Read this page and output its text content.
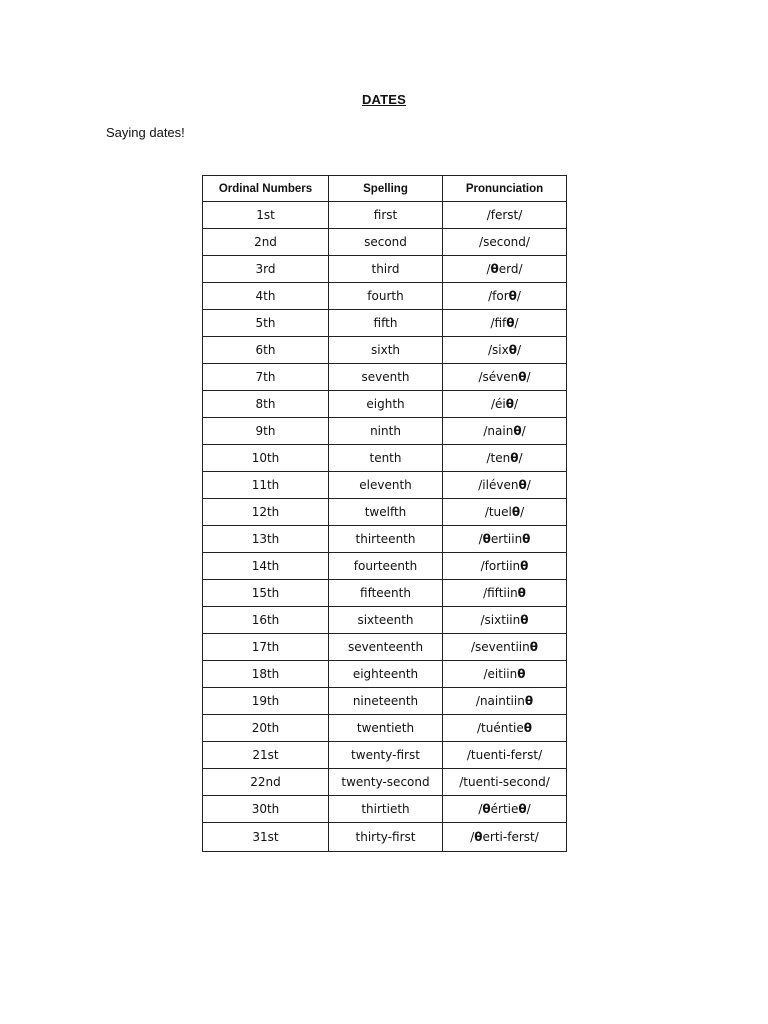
DATES
Saying dates!
Ordinal Numbers	Spelling	Pronunciation
1st	first	/ferst/
2nd	second	/second/
3rd	third	/θerd/
4th	fourth	/forθ/
5th	fifth	/fifθ/
6th	sixth	/sixθ/
7th	seventh	/sévenθ/
8th	eighth	/éiθ/
9th	ninth	/nainθ/
10th	tenth	/tenθ/
11th	eleventh	/ilévenθ/
12th	twelfth	/tuelθ/
13th	thirteenth	/θertiinθ
14th	fourteenth	/fortiinθ
15th	fifteenth	/fiftiinθ
16th	sixteenth	/sixtiinθ
17th	seventeenth	/seventiinθ
18th	eighteenth	/eitiinθ
19th	nineteenth	/naintiinθ
20th	twentieth	/tuéntieθ
21st	twenty-first	/tuenti-ferst/
22nd	twenty-second	/tuenti-second/
30th	thirtieth	/θértieθ/
31st	thirty-first	/θerti-ferst/
